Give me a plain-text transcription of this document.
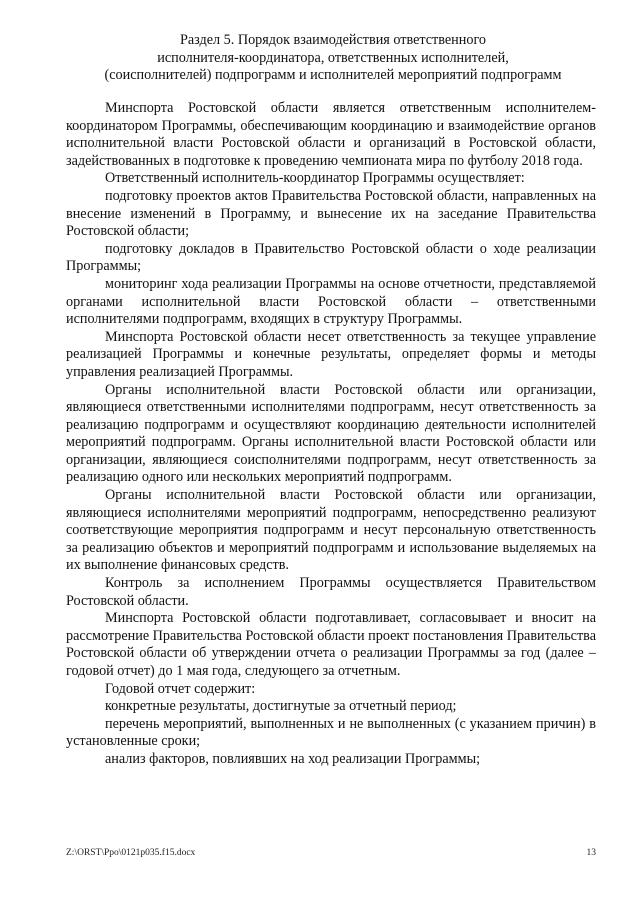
Раздел 5. Порядок взаимодействия ответственного
исполнителя-координатора, ответственных исполнителей,
(соисполнителей) подпрограмм и исполнителей мероприятий подпрограмм

Минспорта Ростовской области является ответственным исполнителем-координатором Программы, обеспечивающим координацию и взаимодействие органов исполнительной власти Ростовской области и организаций в Ростовской области, задействованных в подготовке к проведению чемпионата мира по футболу 2018 года.

Ответственный исполнитель-координатор Программы осуществляет:

подготовку проектов актов Правительства Ростовской области, направленных на внесение изменений в Программу, и вынесение их на заседание Правительства Ростовской области;

подготовку докладов в Правительство Ростовской области о ходе реализации Программы;

мониторинг хода реализации Программы на основе отчетности, представляемой органами исполнительной власти Ростовской области – ответственными исполнителями подпрограмм, входящих в структуру Программы.

Минспорта Ростовской области несет ответственность за текущее управление реализацией Программы и конечные результаты, определяет формы и методы управления реализацией Программы.

Органы исполнительной власти Ростовской области или организации, являющиеся ответственными исполнителями подпрограмм, несут ответственность за реализацию подпрограмм и осуществляют координацию деятельности исполнителей мероприятий подпрограмм. Органы исполнительной власти Ростовской области или организации, являющиеся соисполнителями подпрограмм, несут ответственность за реализацию одного или нескольких мероприятий подпрограмм.

Органы исполнительной власти Ростовской области или организации, являющиеся исполнителями мероприятий подпрограмм, непосредственно реализуют соответствующие мероприятия подпрограмм и несут персональную ответственность за реализацию объектов и мероприятий подпрограмм и использование выделяемых на их выполнение финансовых средств.

Контроль за исполнением Программы осуществляется Правительством Ростовской области.

Минспорта Ростовской области подготавливает, согласовывает и вносит на рассмотрение Правительства Ростовской области проект постановления Правительства Ростовской области об утверждении отчета о реализации Программы за год (далее – годовой отчет) до 1 мая года, следующего за отчетным.

Годовой отчет содержит:

конкретные результаты, достигнутые за отчетный период;

перечень мероприятий, выполненных и не выполненных (с указанием причин) в установленные сроки;

анализ факторов, повлиявших на ход реализации Программы;

Z:\ORST\Ppo\0121p035.f15.docx	13
